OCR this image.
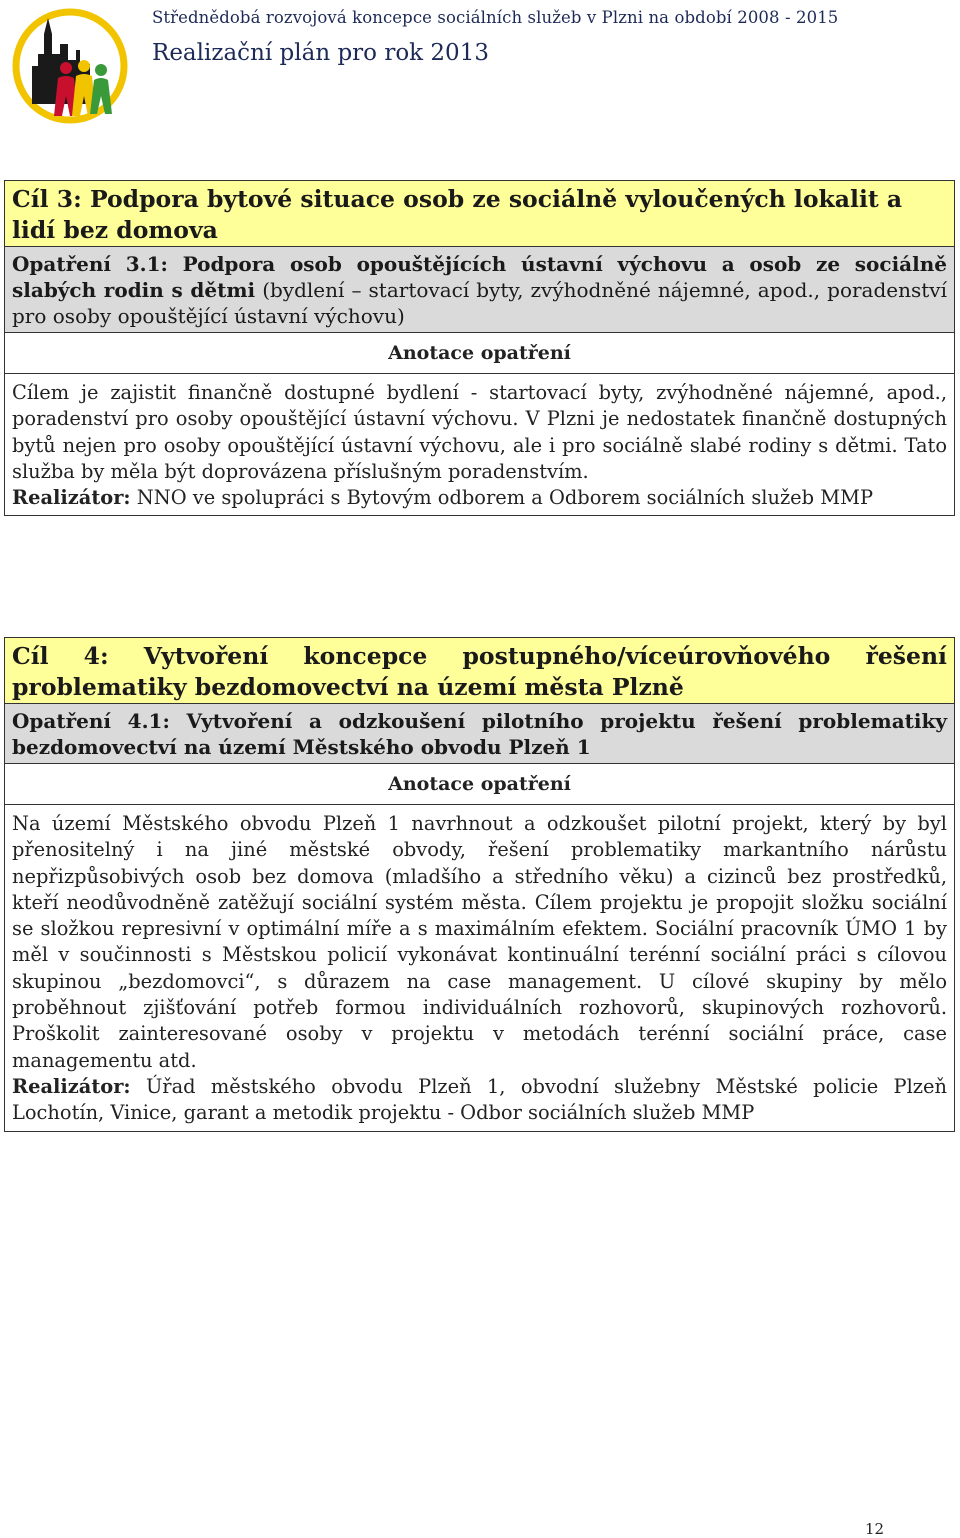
Střednědobá rozvojová koncepce sociálních služeb v Plzni na období 2008 - 2015
Realizační plán pro rok 2013
Cíl 3: Podpora bytové situace osob ze sociálně vyloučených lokalit a lidí bez domova
Opatření 3.1: Podpora osob opouštějících ústavní výchovu a osob ze sociálně slabých rodin s dětmi (bydlení – startovací byty, zvýhodněné nájemné, apod., poradenství pro osoby opouštějící ústavní výchovu)
Anotace opatření

Cílem je zajistit finančně dostupné bydlení - startovací byty, zvýhodněné nájemné, apod., poradenství pro osoby opouštějící ústavní výchovu. V Plzni je nedostatek finančně dostupných bytů nejen pro osoby opouštějící ústavní výchovu, ale i pro sociálně slabé rodiny s dětmi. Tato služba by měla být doprovázena příslušným poradenstvím.

Realizátor: NNO ve spolupráci s Bytovým odborem a Odborem sociálních služeb MMP

Cíl 4: Vytvoření koncepce postupného/víceúrovňového řešení problematiky bezdomovectví na území města Plzně
Opatření 4.1: Vytvoření a odzkoušení pilotního projektu řešení problematiky bezdomovectví na území Městského obvodu Plzeň 1
Anotace opatření

Na území Městského obvodu Plzeň 1 navrhnout a odzkoušet pilotní projekt, který by byl přenositelný i na jiné městské obvody, řešení problematiky markantního nárůstu nepřizpůsobivých osob bez domova (mladšího a středního věku) a cizinců bez prostředků, kteří neodůvodněně zatěžují sociální systém města. Cílem projektu je propojit složku sociální se složkou represivní v optimální míře a s maximálním efektem. Sociální pracovník ÚMO 1 by měl v součinnosti s Městskou policií vykonávat kontinuální terénní sociální práci s cílovou skupinou „bezdomovci“, s důrazem na case management. U cílové skupiny by mělo proběhnout zjišťování potřeb formou individuálních rozhovorů, skupinových rozhovorů. Proškolit zainteresované osoby v projektu v metodách terénní sociální práce, case managementu atd.

Realizátor: Úřad městského obvodu Plzeň 1, obvodní služebny Městské policie Plzeň Lochotín, Vinice, garant a metodik projektu - Odbor sociálních služeb MMP

12
